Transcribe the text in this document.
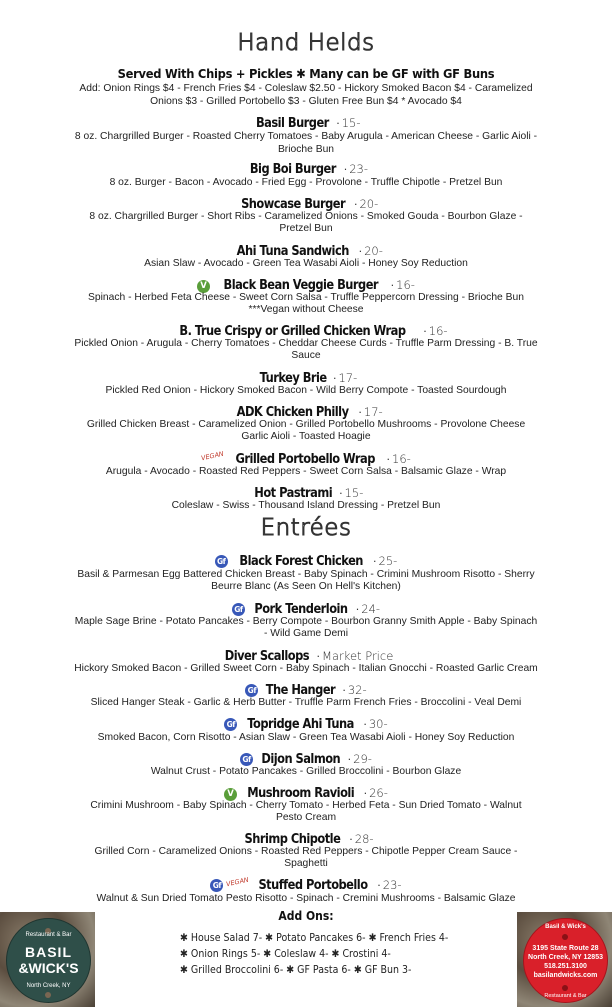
Hand Helds
Served With Chips + Pickles ✱ Many can be GF with GF Buns
Add: Onion Rings $4 - French Fries $4 - Coleslaw $2.50 - Hickory Smoked Bacon $4 - Caramelized
Onions $3 - Grilled Portobello $3 - Gluten Free Bun $4 * Avocado $4
Basil Burger · 15-
8 oz. Chargrilled Burger - Roasted Cherry Tomatoes - Baby Arugula - American Cheese - Garlic Aioli -
Brioche Bun
Big Boi Burger · 23-
8 oz. Burger - Bacon - Avocado - Fried Egg - Provolone - Truffle Chipotle - Pretzel Bun
Showcase Burger · 20-
8 oz. Chargrilled Burger - Short Ribs - Caramelized Onions - Smoked Gouda - Bourbon Glaze -
Pretzel Bun
Ahi Tuna Sandwich · 20-
Asian Slaw - Avocado - Green Tea Wasabi Aioli - Honey Soy Reduction
V Black Bean Veggie Burger · 16-
Spinach - Herbed Feta Cheese - Sweet Corn Salsa - Truffle Peppercorn Dressing - Brioche Bun
***Vegan without Cheese
B. True Crispy or Grilled Chicken Wrap · 16-
Pickled Onion - Arugula - Cherry Tomatoes - Cheddar Cheese Curds - Truffle Parm Dressing - B. True
Sauce
Turkey Brie · 17-
Pickled Red Onion - Hickory Smoked Bacon - Wild Berry Compote - Toasted Sourdough
ADK Chicken Philly · 17-
Grilled Chicken Breast - Caramelized Onion - Grilled Portobello Mushrooms - Provolone Cheese
Garlic Aioli - Toasted Hoagie
VEGAN Grilled Portobello Wrap · 16-
Arugula - Avocado - Roasted Red Peppers - Sweet Corn Salsa - Balsamic Glaze - Wrap
Hot Pastrami · 15-
Coleslaw - Swiss - Thousand Island Dressing - Pretzel Bun
Entrées
Gf Black Forest Chicken · 25-
Basil & Parmesan Egg Battered Chicken Breast - Baby Spinach - Crimini Mushroom Risotto - Sherry
Beurre Blanc (As Seen On Hell's Kitchen)
Gf Pork Tenderloin · 24-
Maple Sage Brine - Potato Pancakes - Berry Compote - Bourbon Granny Smith Apple - Baby Spinach
- Wild Game Demi
Diver Scallops · Market Price
Hickory Smoked Bacon - Grilled Sweet Corn - Baby Spinach - Italian Gnocchi - Roasted Garlic Cream
Gf The Hanger · 32-
Sliced Hanger Steak - Garlic & Herb Butter - Truffle Parm French Fries - Broccolini - Veal Demi
Gf Topridge Ahi Tuna · 30-
Smoked Bacon, Corn Risotto - Asian Slaw - Green Tea Wasabi Aioli - Honey Soy Reduction
Gf Dijon Salmon · 29-
Walnut Crust - Potato Pancakes - Grilled Broccolini - Bourbon Glaze
V Mushroom Ravioli · 26-
Crimini Mushroom - Baby Spinach - Cherry Tomato - Herbed Feta - Sun Dried Tomato - Walnut
Pesto Cream
Shrimp Chipotle · 28-
Grilled Corn - Caramelized Onions - Roasted Red Peppers - Chipotle Pepper Cream Sauce -
Spaghetti
Gf VEGAN Stuffed Portobello · 23-
Walnut & Sun Dried Tomato Pesto Risotto - Spinach - Cremini Mushrooms - Balsamic Glaze
Add Ons:
✱ House Salad 7- ✱ Potato Pancakes 6- ✱ French Fries 4-
✱ Onion Rings 5- ✱ Coleslaw 4- ✱ Crostini 4-
✱ Grilled Broccolini 6- ✱ GF Pasta 6- ✱ GF Bun 3-
Restaurant & Bar
BASIL
&WICK'S
North Creek, NY
Basil & Wick's
3195 State Route 28
North Creek, NY 12853
518.251.3100
basilandwicks.com
Restaurant & Bar
